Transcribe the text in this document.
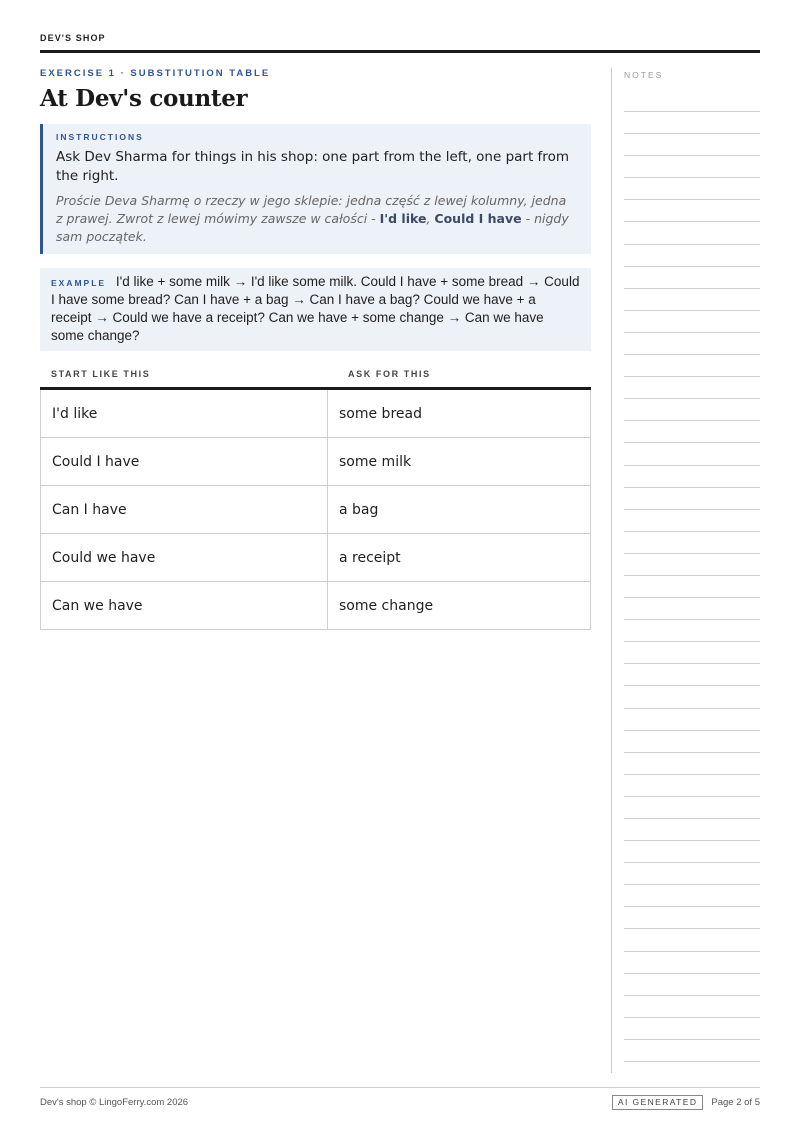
DEV'S SHOP

EXERCISE 1 · SUBSTITUTION TABLE

At Dev's counter
INSTRUCTIONS
Ask Dev Sharma for things in his shop: one part from the left, one part from the right.
Proście Deva Sharmę o rzeczy w jego sklepie: jedna część z lewej kolumny, jedna z prawej. Zwrot z lewej mówimy zawsze w całości - I'd like, Could I have - nigdy sam początek.
EXAMPLE I'd like + some milk → I'd like some milk. Could I have + some bread → Could I have some bread? Can I have + a bag → Can I have a bag? Could we have + a receipt → Could we have a receipt? Can we have + some change → Can we have some change?
START LIKE THIS	ASK FOR THIS
I'd like	some bread
Could I have	some milk
Can I have	a bag
Could we have	a receipt
Can we have	some change
NOTES
Dev's shop © LingoFerry.com 2026	AI GENERATED	Page 2 of 5
